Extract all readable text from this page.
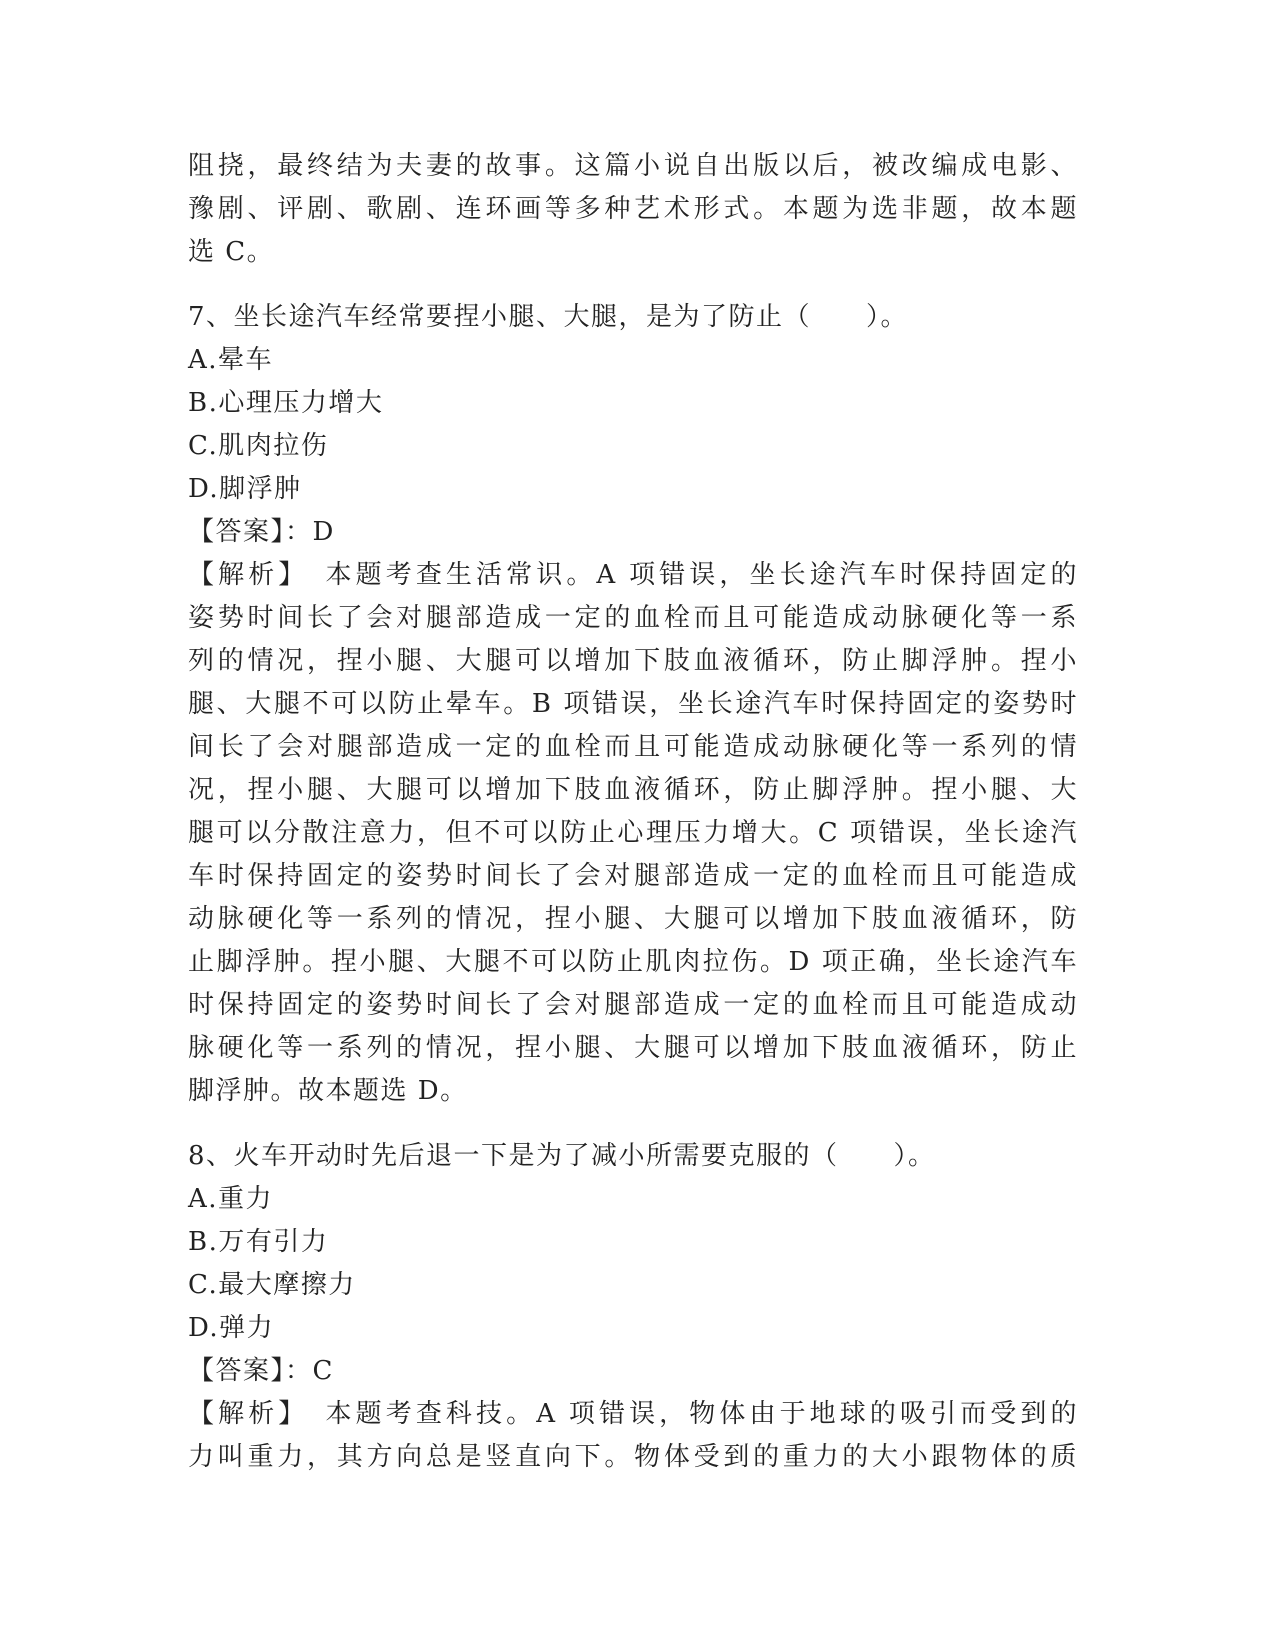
阻挠，最终结为夫妻的故事。这篇小说自出版以后，被改编成电影、
豫剧、评剧、歌剧、连环画等多种艺术形式。本题为选非题，故本题
选 C。
7、坐长途汽车经常要捏小腿、大腿，是为了防止（　　）。
A.晕车
B.心理压力增大
C.肌肉拉伤
D.脚浮肿
【答案】：D
【解析】　本题考查生活常识。A 项错误，坐长途汽车时保持固定的
姿势时间长了会对腿部造成一定的血栓而且可能造成动脉硬化等一系
列的情况，捏小腿、大腿可以增加下肢血液循环，防止脚浮肿。捏小
腿、大腿不可以防止晕车。B 项错误，坐长途汽车时保持固定的姿势时
间长了会对腿部造成一定的血栓而且可能造成动脉硬化等一系列的情
况，捏小腿、大腿可以增加下肢血液循环，防止脚浮肿。捏小腿、大
腿可以分散注意力，但不可以防止心理压力增大。C 项错误，坐长途汽
车时保持固定的姿势时间长了会对腿部造成一定的血栓而且可能造成
动脉硬化等一系列的情况，捏小腿、大腿可以增加下肢血液循环，防
止脚浮肿。捏小腿、大腿不可以防止肌肉拉伤。D 项正确，坐长途汽车
时保持固定的姿势时间长了会对腿部造成一定的血栓而且可能造成动
脉硬化等一系列的情况，捏小腿、大腿可以增加下肢血液循环，防止
脚浮肿。故本题选 D。
8、火车开动时先后退一下是为了减小所需要克服的（　　）。
A.重力
B.万有引力
C.最大摩擦力
D.弹力
【答案】：C
【解析】　本题考查科技。A 项错误，物体由于地球的吸引而受到的
力叫重力，其方向总是竖直向下。物体受到的重力的大小跟物体的质
